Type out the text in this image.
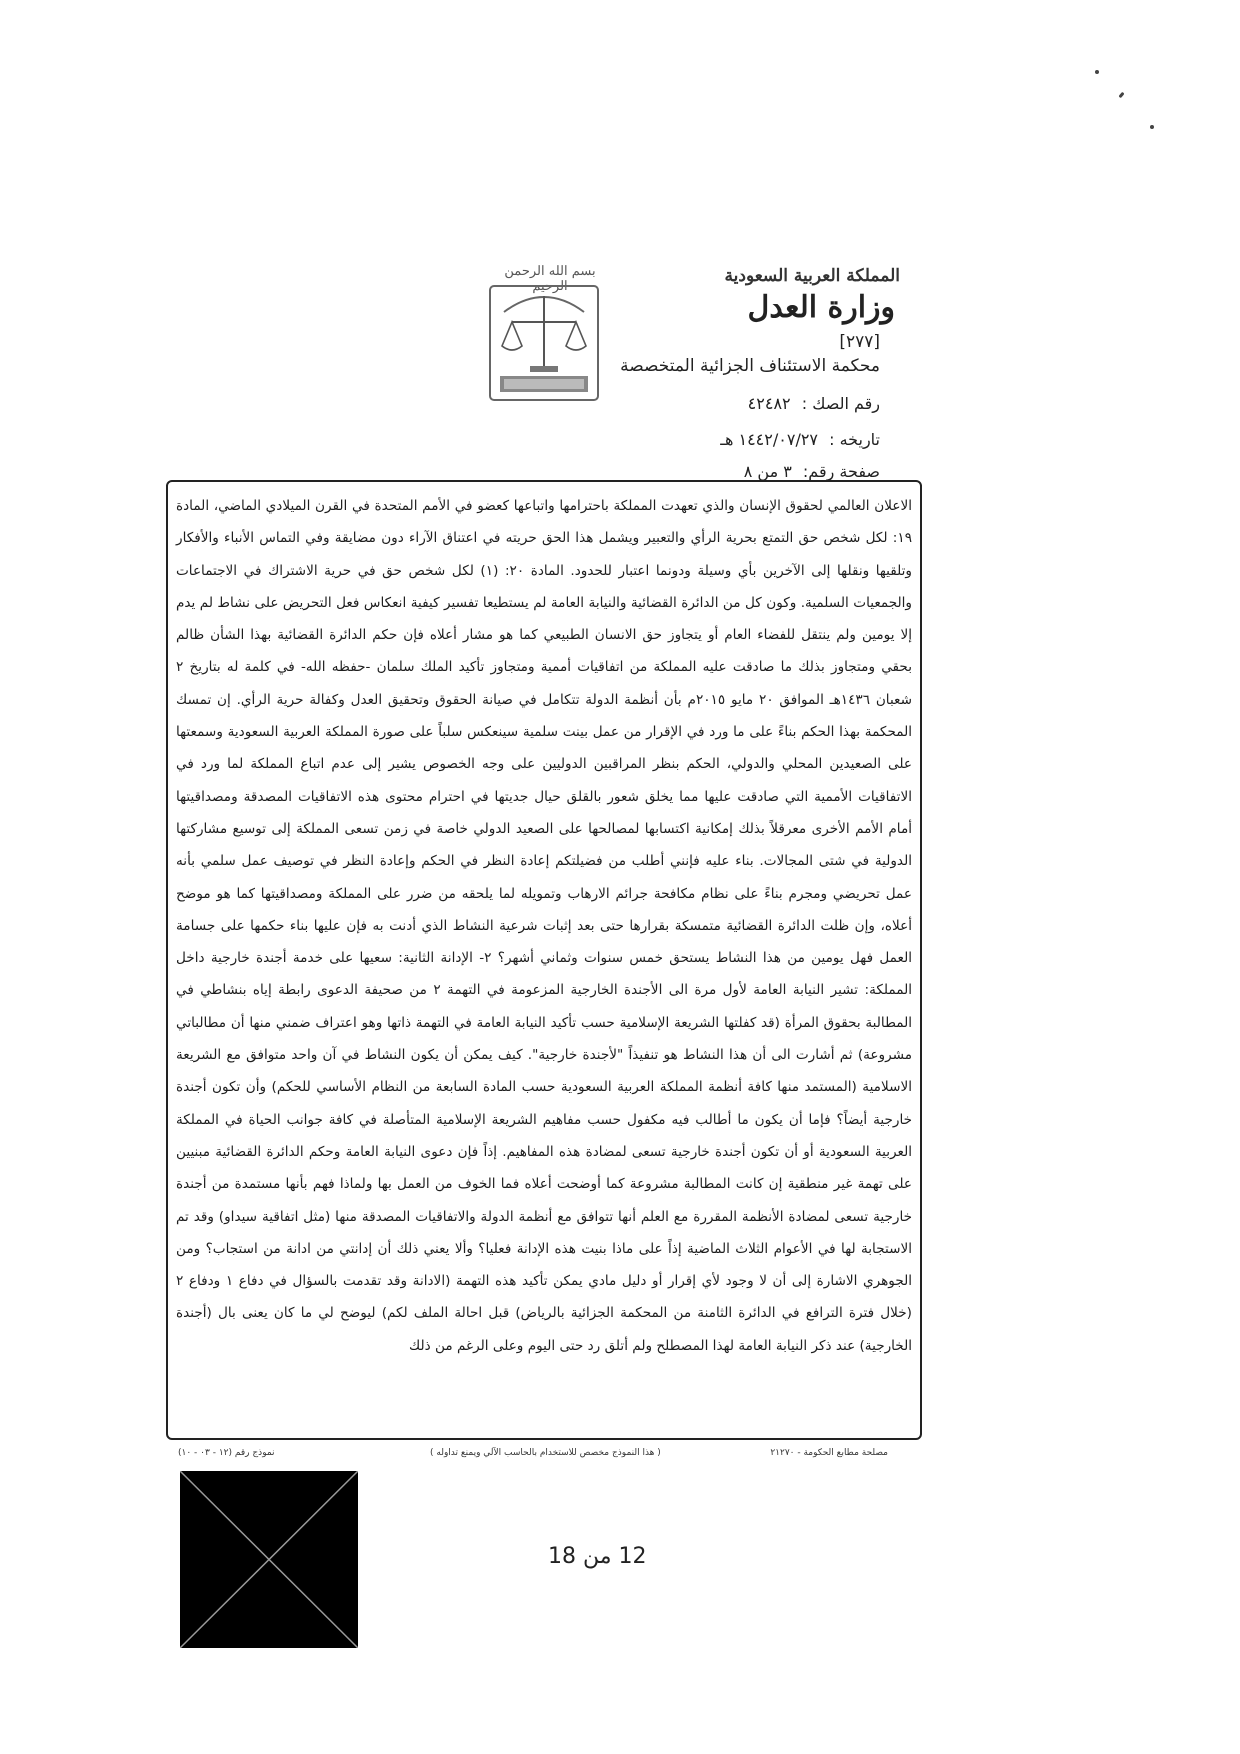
المملكة العربية السعودية
وزارة العدل
[٢٧٧]
محكمة الاستئناف الجزائية المتخصصة
رقم الصك : ٤٢٤٨٢
تاريخه : ١٤٤٢/٠٧/٢٧ هـ
صفحة رقم: ٣ من ٨
بسم الله الرحمن الرحيم
الاعلان العالمي لحقوق الإنسان والذي تعهدت المملكة باحترامها واتباعها كعضو في الأمم المتحدة في القرن الميلادي الماضي، المادة ١٩: لكل شخص حق التمتع بحرية الرأي والتعبير ويشمل هذا الحق حريته في اعتناق الآراء دون مضايقة وفي التماس الأنباء والأفكار وتلقيها ونقلها إلى الآخرين بأي وسيلة ودونما اعتبار للحدود. المادة ٢٠: (١) لكل شخص حق في حرية الاشتراك في الاجتماعات والجمعيات السلمية. وكون كل من الدائرة القضائية والنيابة العامة لم يستطيعا تفسير كيفية انعكاس فعل التحريض على نشاط لم يدم إلا يومين ولم ينتقل للفضاء العام أو يتجاوز حق الانسان الطبيعي كما هو مشار أعلاه فإن حكم الدائرة القضائية بهذا الشأن ظالم بحقي ومتجاوز بذلك ما صادقت عليه المملكة من اتفاقيات أممية ومتجاوز تأكيد الملك سلمان -حفظه الله- في كلمة له بتاريخ ٢ شعبان ١٤٣٦هـ الموافق ٢٠ مايو ٢٠١٥م بأن أنظمة الدولة تتكامل في صيانة الحقوق وتحقيق العدل وكفالة حرية الرأي. إن تمسك المحكمة بهذا الحكم بناءً على ما ورد في الإقرار من عمل بينت سلمية سينعكس سلباً على صورة المملكة العربية السعودية وسمعتها على الصعيدين المحلي والدولي، الحكم بنظر المراقبين الدوليين على وجه الخصوص يشير إلى عدم اتباع المملكة لما ورد في الاتفاقيات الأممية التي صادقت عليها مما يخلق شعور بالقلق حيال جديتها في احترام محتوى هذه الاتفاقيات المصدقة ومصداقيتها أمام الأمم الأخرى معرقلاً بذلك إمكانية اكتسابها لمصالحها على الصعيد الدولي خاصة في زمن تسعى المملكة إلى توسيع مشاركتها الدولية في شتى المجالات. بناء عليه فإنني أطلب من فضيلتكم إعادة النظر في الحكم وإعادة النظر في توصيف عمل سلمي بأنه عمل تحريضي ومجرم بناءً على نظام مكافحة جرائم الارهاب وتمويله لما يلحقه من ضرر على المملكة ومصداقيتها كما هو موضح أعلاه، وإن ظلت الدائرة القضائية متمسكة بقرارها حتى بعد إثبات شرعية النشاط الذي أدنت به فإن عليها بناء حكمها على جسامة العمل فهل يومين من هذا النشاط يستحق خمس سنوات وثماني أشهر؟ ٢- الإدانة الثانية: سعيها على خدمة أجندة خارجية داخل المملكة: تشير النيابة العامة لأول مرة الى الأجندة الخارجية المزعومة في التهمة ٢ من صحيفة الدعوى رابطة إياه بنشاطي في المطالبة بحقوق المرأة (قد كفلتها الشريعة الإسلامية حسب تأكيد النيابة العامة في التهمة ذاتها وهو اعتراف ضمني منها أن مطالباتي مشروعة) ثم أشارت الى أن هذا النشاط هو تنفيذاً "لأجندة خارجية". كيف يمكن أن يكون النشاط في آن واحد متوافق مع الشريعة الاسلامية (المستمد منها كافة أنظمة المملكة العربية السعودية حسب المادة السابعة من النظام الأساسي للحكم) وأن تكون أجندة خارجية أيضاً؟ فإما أن يكون ما أطالب فيه مكفول حسب مفاهيم الشريعة الإسلامية المتأصلة في كافة جوانب الحياة في المملكة العربية السعودية أو أن تكون أجندة خارجية تسعى لمضادة هذه المفاهيم. إذاً فإن دعوى النيابة العامة وحكم الدائرة القضائية مبنيين على تهمة غير منطقية إن كانت المطالبة مشروعة كما أوضحت أعلاه فما الخوف من العمل بها ولماذا فهم بأنها مستمدة من أجندة خارجية تسعى لمضادة الأنظمة المقررة مع العلم أنها تتوافق مع أنظمة الدولة والاتفاقيات المصدقة منها (مثل اتفاقية سيداو) وقد تم الاستجابة لها في الأعوام الثلاث الماضية إذاً على ماذا بنيت هذه الإدانة فعليا؟ وألا يعني ذلك أن إدانتي من ادانة من استجاب؟ ومن الجوهري الاشارة إلى أن لا وجود لأي إقرار أو دليل مادي يمكن تأكيد هذه التهمة (الادانة وقد تقدمت بالسؤال في دفاع ١ ودفاع ٢ (خلال فترة الترافع في الدائرة الثامنة من المحكمة الجزائية بالرياض) قبل احالة الملف لكم) ليوضح لي ما كان يعنى بال (أجندة الخارجية) عند ذكر النيابة العامة لهذا المصطلح ولم أتلق رد حتى اليوم وعلى الرغم من ذلك
مصلحة مطابع الحكومة - ٢١٢٧٠
( هذا النموذج مخصص للاستخدام بالحاسب الآلي ويمنع تداوله )
نموذج رقم (١٢ - ٠٣ - ١٠)
12 من 18
